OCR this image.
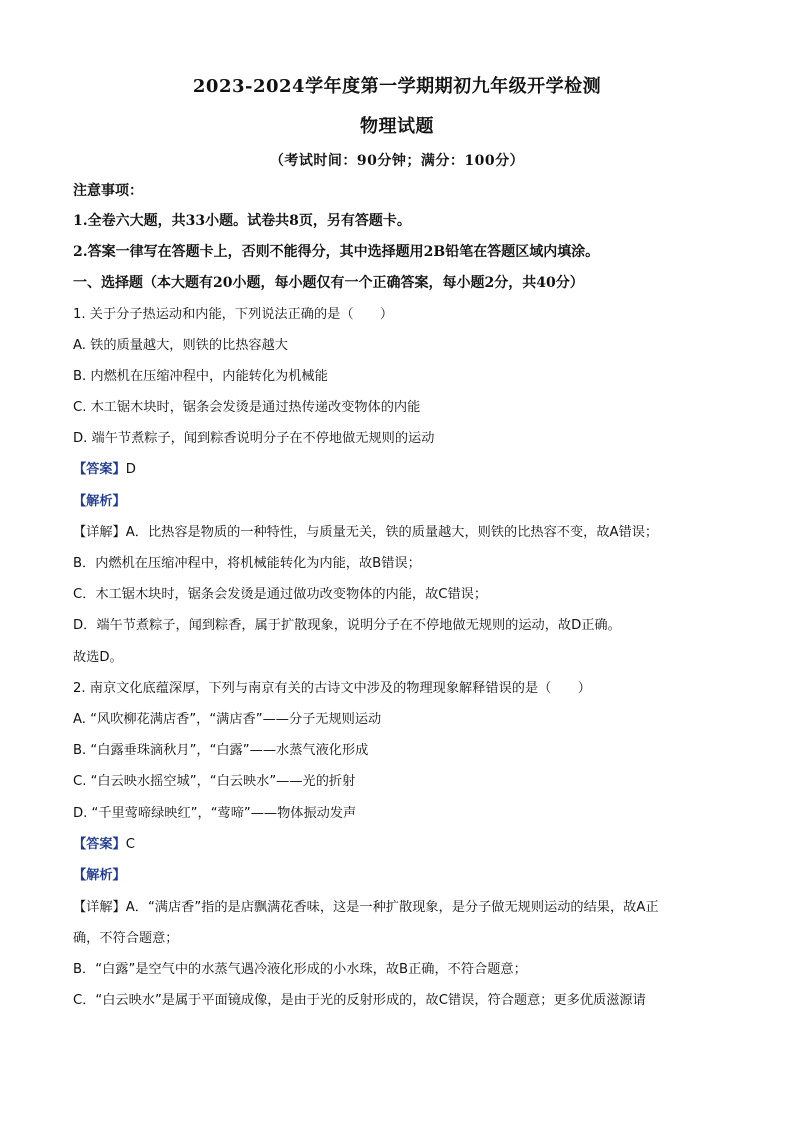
2023-2024学年度第一学期期初九年级开学检测
物理试题
（考试时间：90分钟；满分：100分）
注意事项：
1.全卷六大题，共33小题。试卷共8页，另有答题卡。
2.答案一律写在答题卡上，否则不能得分，其中选择题用2B铅笔在答题区域内填涂。
一、选择题（本大题有20小题，每小题仅有一个正确答案，每小题2分，共40分）
1. 关于分子热运动和内能，下列说法正确的是（　　）
A. 铁的质量越大，则铁的比热容越大
B. 内燃机在压缩冲程中，内能转化为机械能
C. 木工锯木块时，锯条会发烫是通过热传递改变物体的内能
D. 端午节煮粽子，闻到粽香说明分子在不停地做无规则的运动
【答案】D
【解析】
【详解】A．比热容是物质的一种特性，与质量无关，铁的质量越大，则铁的比热容不变，故A错误；
B．内燃机在压缩冲程中，将机械能转化为内能，故B错误；
C．木工锯木块时，锯条会发烫是通过做功改变物体的内能，故C错误；
D．端午节煮粽子，闻到粽香，属于扩散现象，说明分子在不停地做无规则的运动，故D正确。
故选D。
2. 南京文化底蕴深厚，下列与南京有关的古诗文中涉及的物理现象解释错误的是（　　）
A. “风吹柳花满店香”，“满店香”——分子无规则运动
B. “白露垂珠滴秋月”，“白露”——水蒸气液化形成
C. “白云映水摇空城”，“白云映水”——光的折射
D. “千里莺啼绿映红”，“莺啼”——物体振动发声
【答案】C
【解析】
【详解】A．“满店香”指的是店飘满花香味，这是一种扩散现象，是分子做无规则运动的结果，故A正
确，不符合题意；
B．“白露”是空气中的水蒸气遇冷液化形成的小水珠，故B正确，不符合题意；
C．“白云映水”是属于平面镜成像，是由于光的反射形成的，故C错误，符合题意；更多优质滋源请
